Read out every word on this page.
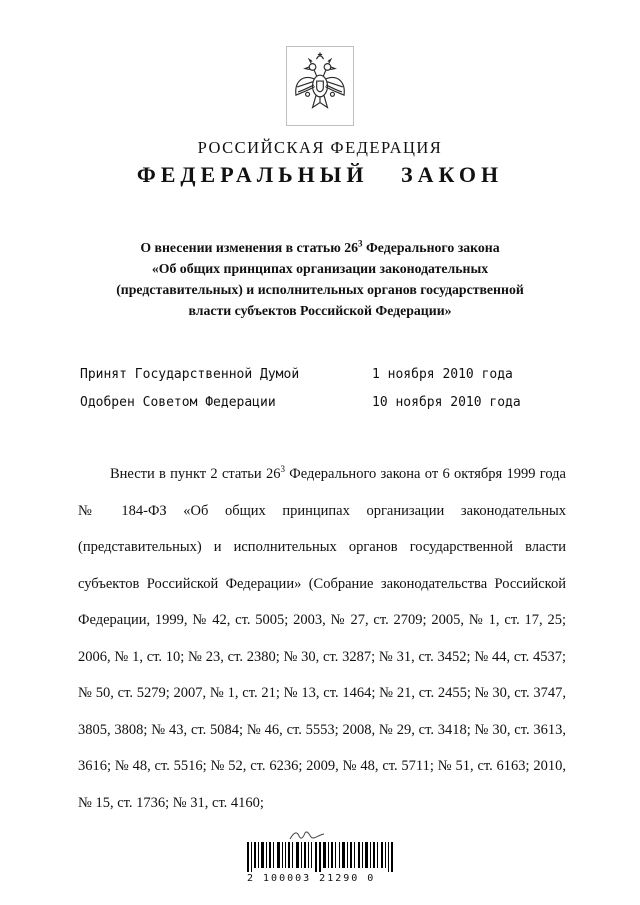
РОССИЙСКАЯ ФЕДЕРАЦИЯ
ФЕДЕРАЛЬНЫЙ ЗАКОН
О внесении изменения в статью $26^3$ Федерального закона
«Об общих принципах организации законодательных
(представительных) и исполнительных органов государственной
власти субъектов Российской Федерации»
Принят Государственной Думой	1 ноября 2010 года
Одобрен Советом Федерации	10 ноября 2010 года
Внести в пункт 2 статьи $26^3$ Федерального закона от 6 октября 1999 года № 184-ФЗ «Об общих принципах организации законодательных (представительных) и исполнительных органов государственной власти субъектов Российской Федерации» (Собрание законодательства Российской Федерации, 1999, № 42, ст. 5005; 2003, № 27, ст. 2709; 2005, № 1, ст. 17, 25; 2006, № 1, ст. 10; № 23, ст. 2380; № 30, ст. 3287; № 31, ст. 3452; № 44, ст. 4537; № 50, ст. 5279; 2007, № 1, ст. 21; № 13, ст. 1464; № 21, ст. 2455; № 30, ст. 3747, 3805, 3808; № 43, ст. 5084; № 46, ст. 5553; 2008, № 29, ст. 3418; № 30, ст. 3613, 3616; № 48, ст. 5516; № 52, ст. 6236; 2009, № 48, ст. 5711; № 51, ст. 6163; 2010, № 15, ст. 1736; № 31, ст. 4160;
2 100003 21290 0
